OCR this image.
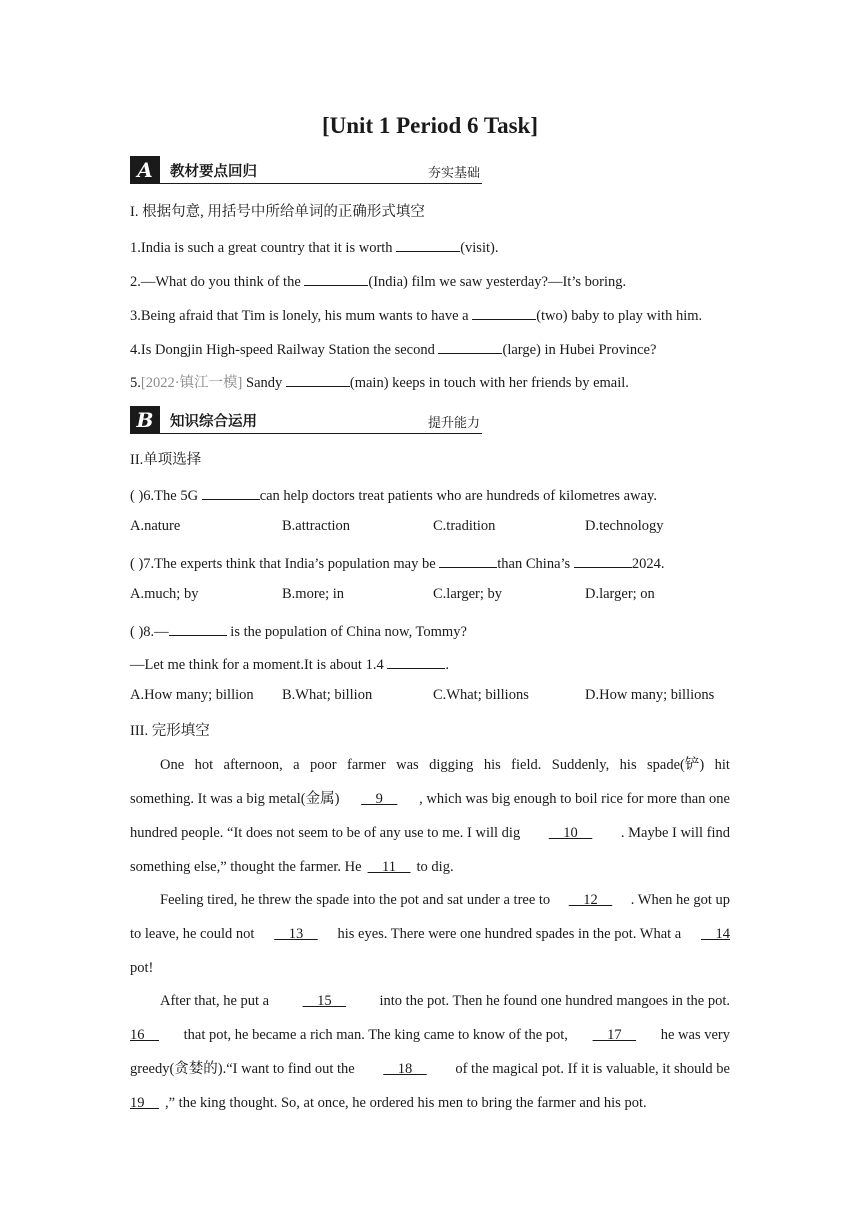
[Unit 1 Period 6 Task]
A 教材要点回归	夯实基础
I. 根据句意, 用括号中所给单词的正确形式填空
1.India is such a great country that it is worth	(visit).
2.—What do you think of the	(India) film we saw yesterday?—It’s boring.
3.Being afraid that Tim is lonely, his mum wants to have a	(two) baby to play with him.
4.Is Dongjin High-speed Railway Station the second	(large) in Hubei Province?
5.[2022·镇江一模] Sandy	(main) keeps in touch with her friends by email.
B 知识综合运用	提升能力
II.单项选择
( )6.The 5G	can help doctors treat patients who are hundreds of kilometres away.
A.nature	B.attraction	C.tradition	D.technology
( )7.The experts think that India’s population may be	than China’s	2024.
A.much; by	B.more; in	C.larger; by	D.larger; on
( )8.—	is the population of China now, Tommy?
—Let me think for a moment.It is about 1.4	.
A.How many; billion B.What; billion	C.What; billions	D.How many; billions
III. 完形填空
One hot afternoon, a poor farmer was digging his field. Suddenly, his spade(铲) hit
something. It was a big metal(金属) 9 , which was big enough to boil rice for more than one
hundred people. “It does not seem to be of any use to me. I will dig 10 . Maybe I will find
something else,” thought the farmer. He 11 to dig.
Feeling tired, he threw the spade into the pot and sat under a tree to 12 . When he got up
to leave, he could not 13 his eyes. There were one hundred spades in the pot. What a 14
pot!
After that, he put a 15 into the pot. Then he found one hundred mangoes in the pot.
16 that pot, he became a rich man. The king came to know of the pot, 17 he was very
greedy(贪婪的).“I want to find out the 18 of the magical pot. If it is valuable, it should be
19 ,” the king thought. So, at once, he ordered his men to bring the farmer and his pot.
